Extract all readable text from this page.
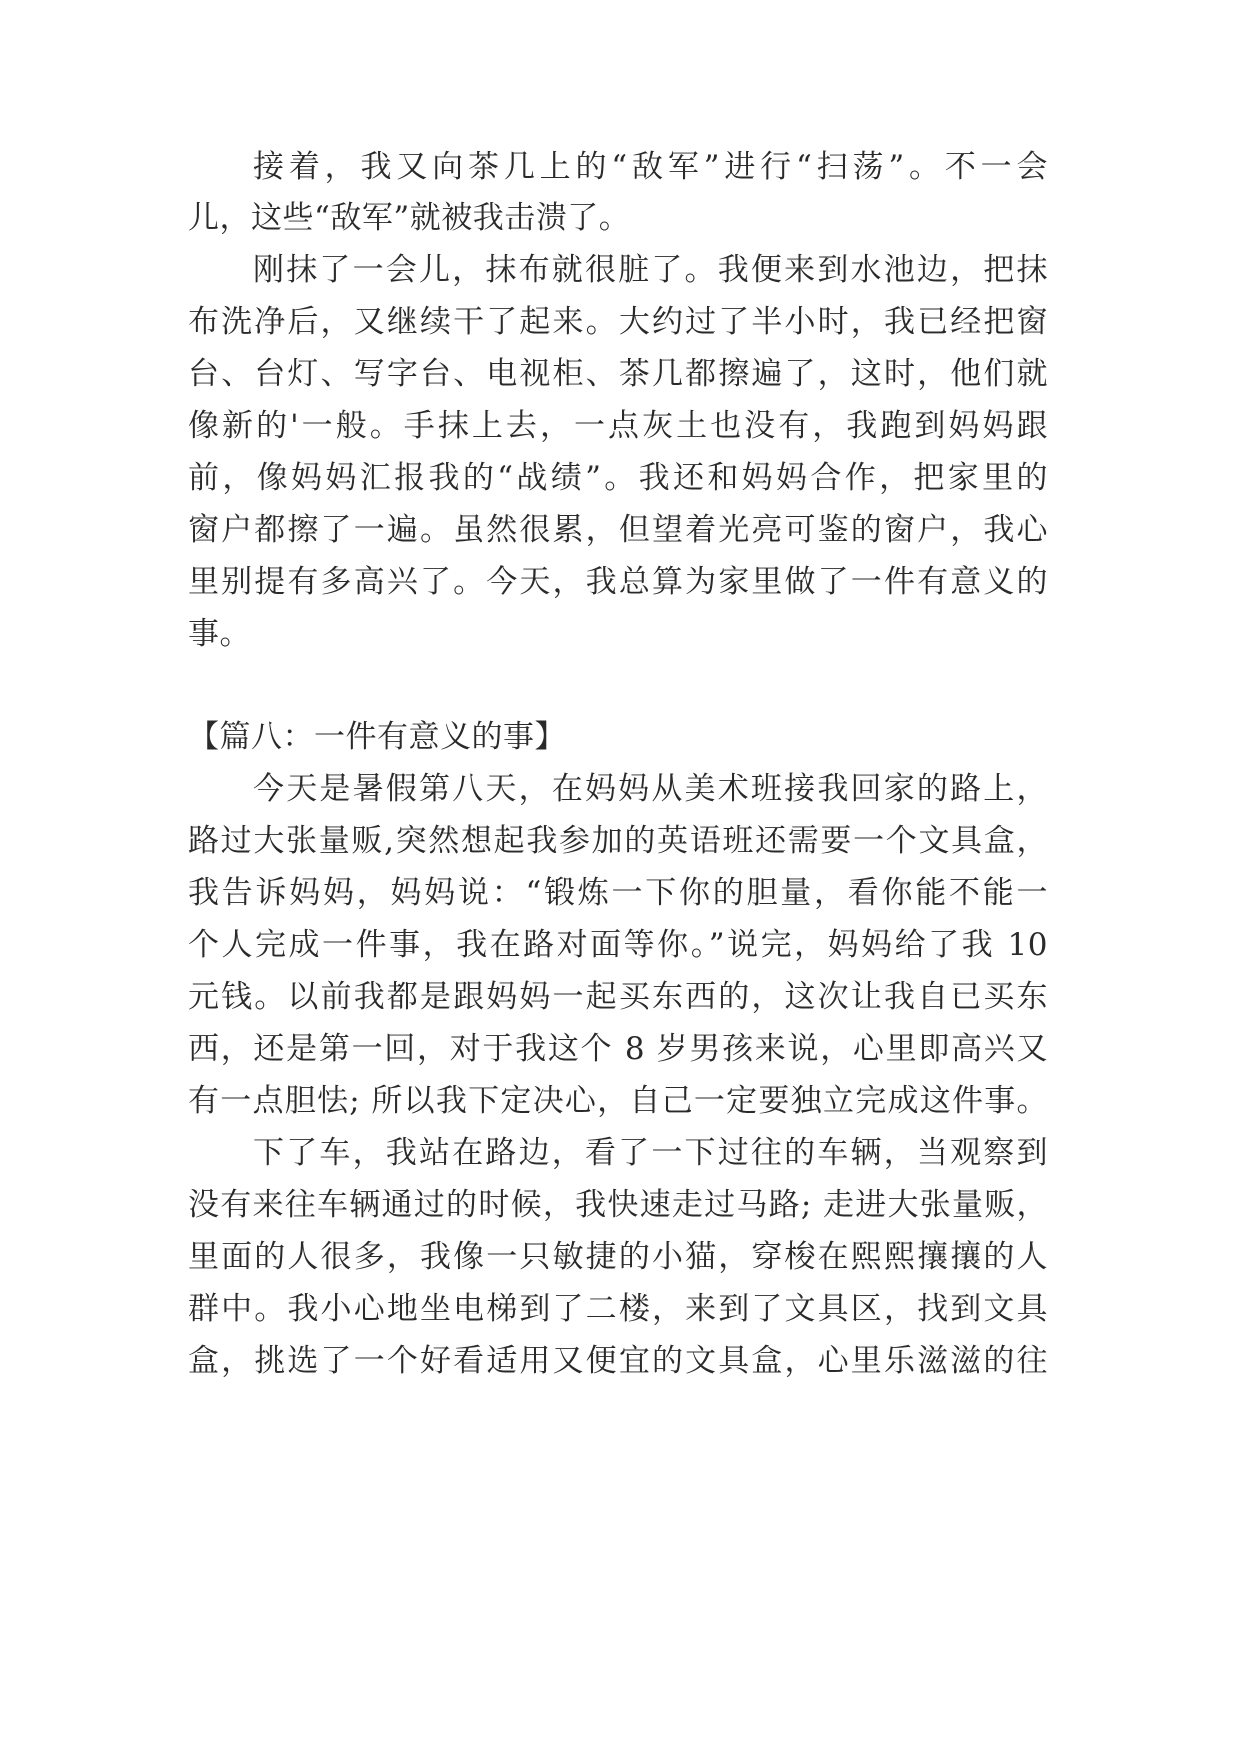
接着，我又向茶几上的“敌军”进行“扫荡”。不一会
儿，这些“敌军”就被我击溃了。
刚抹了一会儿，抹布就很脏了。我便来到水池边，把抹
布洗净后，又继续干了起来。大约过了半小时，我已经把窗
台、台灯、写字台、电视柜、茶几都擦遍了，这时，他们就
像新的'一般。手抹上去，一点灰土也没有，我跑到妈妈跟
前，像妈妈汇报我的“战绩”。我还和妈妈合作，把家里的
窗户都擦了一遍。虽然很累，但望着光亮可鉴的窗户，我心
里别提有多高兴了。今天，我总算为家里做了一件有意义的
事。
【篇八：一件有意义的事】
今天是暑假第八天，在妈妈从美术班接我回家的路上，
路过大张量贩,突然想起我参加的英语班还需要一个文具盒，
我告诉妈妈，妈妈说：“锻炼一下你的胆量，看你能不能一
个人完成一件事，我在路对面等你。”说完，妈妈给了我 10
元钱。以前我都是跟妈妈一起买东西的，这次让我自已买东
西，还是第一回，对于我这个 8 岁男孩来说，心里即高兴又
有一点胆怯; 所以我下定决心，自己一定要独立完成这件事。
下了车，我站在路边，看了一下过往的车辆，当观察到
没有来往车辆通过的时候，我快速走过马路; 走进大张量贩，
里面的人很多，我像一只敏捷的小猫，穿梭在熙熙攘攘的人
群中。我小心地坐电梯到了二楼，来到了文具区，找到文具
盒，挑选了一个好看适用又便宜的文具盒，心里乐滋滋的往
